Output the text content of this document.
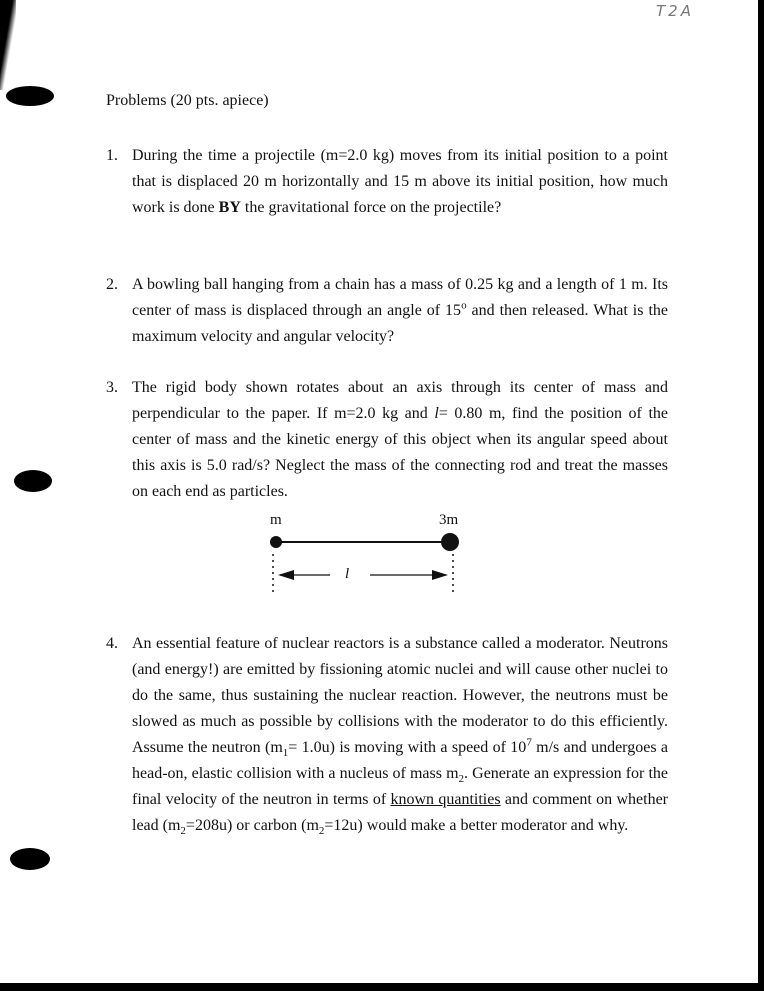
T2A
Problems (20 pts. apiece)
1. During the time a projectile (m=2.0 kg) moves from its initial position to a point that is displaced 20 m horizontally and 15 m above its initial position, how much work is done BY the gravitational force on the projectile?
2. A bowling ball hanging from a chain has a mass of 0.25 kg and a length of 1 m. Its center of mass is displaced through an angle of 15$^o$ and then released. What is the maximum velocity and angular velocity?
3. The rigid body shown rotates about an axis through its center of mass and perpendicular to the paper. If m=2.0 kg and l= 0.80 m, find the position of the center of mass and the kinetic energy of this object when its angular speed about this axis is 5.0 rad/s? Neglect the mass of the connecting rod and treat the masses on each end as particles.
m	3m
l
4. An essential feature of nuclear reactors is a substance called a moderator. Neutrons (and energy!) are emitted by fissioning atomic nuclei and will cause other nuclei to do the same, thus sustaining the nuclear reaction. However, the neutrons must be slowed as much as possible by collisions with the moderator to do this efficiently. Assume the neutron $(m_1= 1.0u)$ is moving with a speed of $10^7$ m/s and undergoes a head-on, elastic collision with a nucleus of mass $m_2$. Generate an expression for the final velocity of the neutron in terms of known quantities and comment on whether lead $(m_2=208u)$ or carbon $(m_2=12u)$ would make a better moderator and why.
